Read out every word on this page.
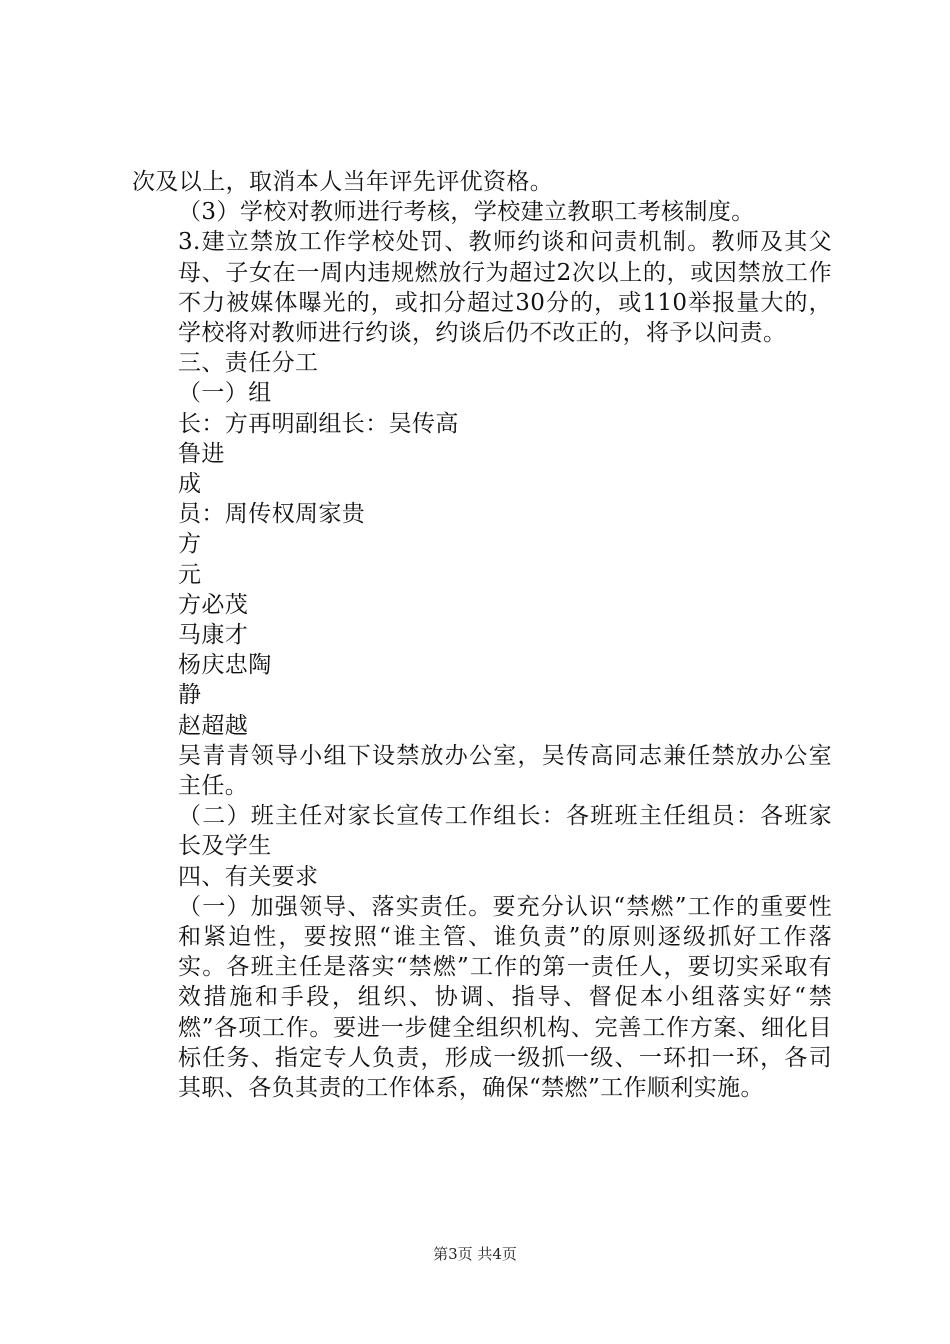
次及以上，取消本人当年评先评优资格。

（3）学校对教师进行考核，学校建立教职工考核制度。

3.建立禁放工作学校处罚、教师约谈和问责机制。教师及其父母、子女在一周内违规燃放行为超过2次以上的，或因禁放工作不力被媒体曝光的，或扣分超过30分的，或110举报量大的，学校将对教师进行约谈，约谈后仍不改正的，将予以问责。

三、责任分工

（一）组

长：方再明副组长：吴传高

鲁进

成

员：周传权周家贵

方

元

方必茂

马康才

杨庆忠陶

静

赵超越

吴青青领导小组下设禁放办公室，吴传高同志兼任禁放办公室主任。

（二）班主任对家长宣传工作组长：各班班主任组员：各班家长及学生

四、有关要求

（一）加强领导、落实责任。要充分认识“禁燃”工作的重要性和紧迫性，要按照“谁主管、谁负责”的原则逐级抓好工作落实。各班主任是落实“禁燃”工作的第一责任人，要切实采取有效措施和手段，组织、协调、指导、督促本小组落实好“禁燃”各项工作。要进一步健全组织机构、完善工作方案、细化目标任务、指定专人负责，形成一级抓一级、一环扣一环，各司其职、各负其责的工作体系，确保“禁燃”工作顺利实施。

第3页 共4页
